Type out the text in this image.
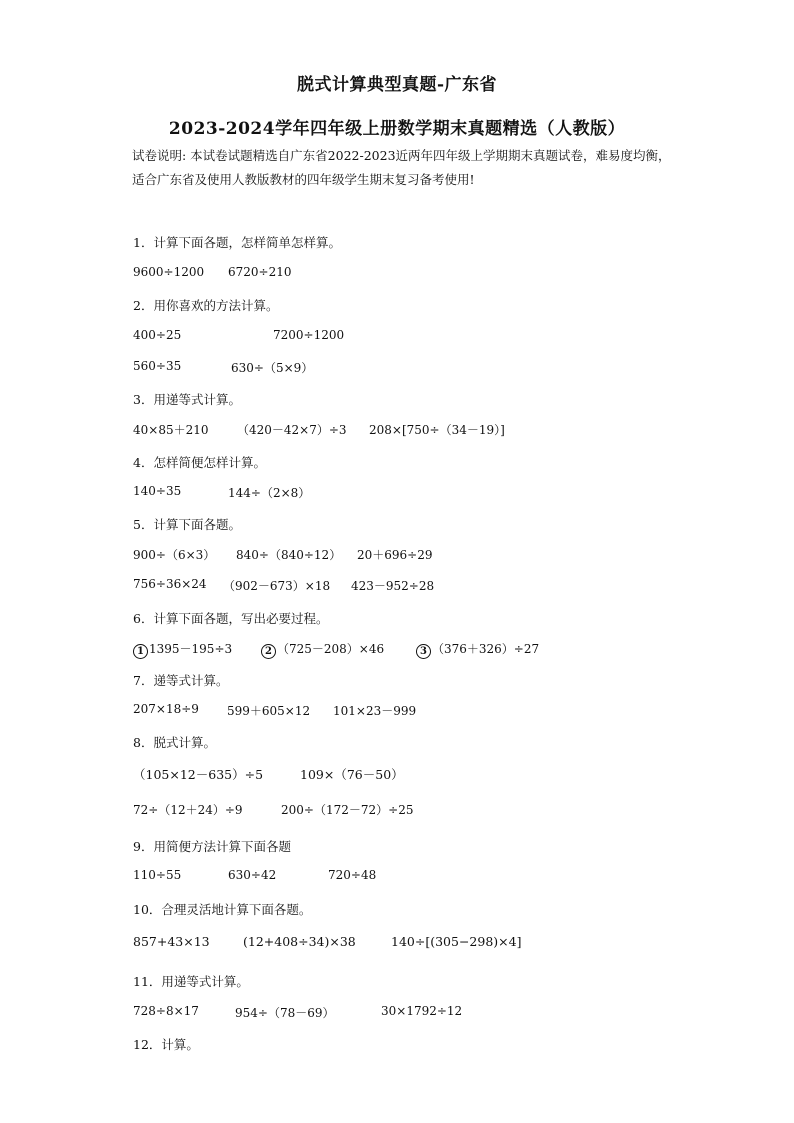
脱式计算典型真题-广东省
2023-2024学年四年级上册数学期末真题精选（人教版）
试卷说明: 本试卷试题精选自广东省2022-2023近两年四年级上学期期末真题试卷，难易度均衡，适合广东省及使用人教版教材的四年级学生期末复习备考使用!
1．计算下面各题，怎样简单怎样算。
9600÷1200 6720÷210
2．用你喜欢的方法计算。
400÷25	7200÷1200
560÷35	630÷（5×9）
3．用递等式计算。
40×85＋210 （420－42×7）÷3 208×[750÷（34－19）]
4．怎样简便怎样计算。
140÷35	144÷（2×8）
5．计算下面各题。
900÷（6×3） 840÷（840÷12） 20＋696÷29
756÷36×24 （902－673）×18 423－952÷28
6．计算下面各题，写出必要过程。
1 1395－195÷3	2 （725－208）×46	3 （376＋326）÷27
7．递等式计算。
207×18÷9 599＋605×12 101×23－999
8．脱式计算。
（105×12－635）÷5	109×（76－50）
72÷（12＋24）÷9	200÷（172－72）÷25
9．用简便方法计算下面各题
110÷55	630÷42	720÷48
10．合理灵活地计算下面各题。
857+43×13	(12+408÷34)×38	140÷[(305−298)×4]
11．用递等式计算。
728÷8×17	954÷（78－69）	30×1792÷12
12．计算。
